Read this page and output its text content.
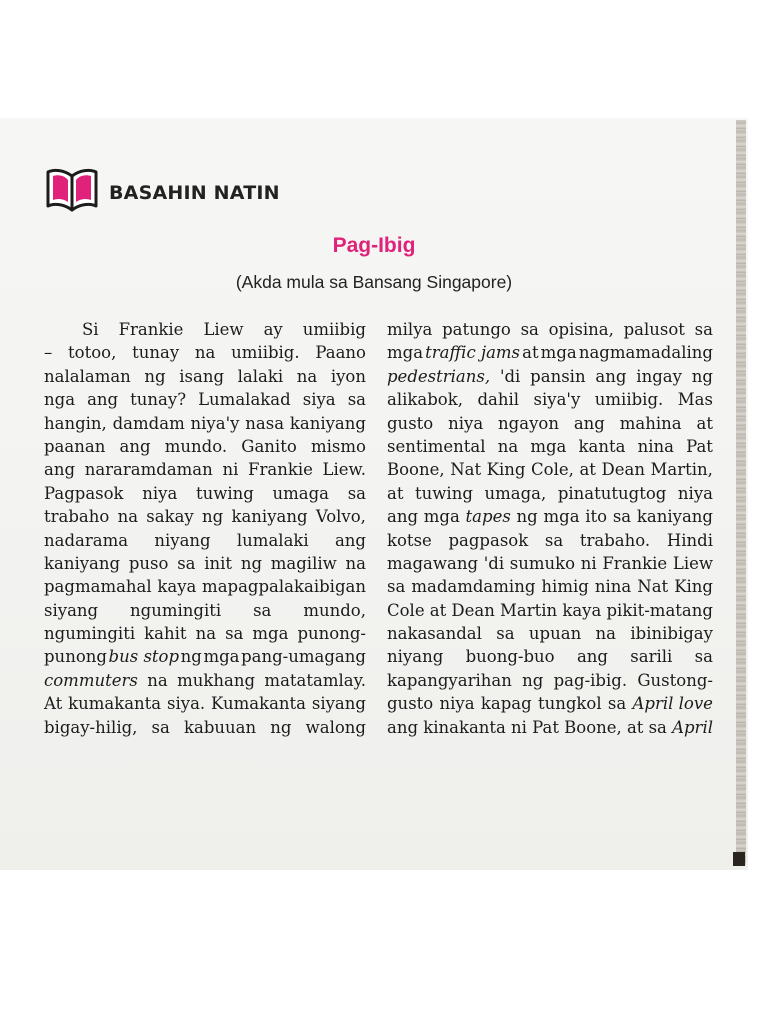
BASAHIN NATIN
Pag-Ibig

(Akda mula sa Bansang Singapore)

Si Frankie Liew ay umiibig
– totoo, tunay na umiibig. Paano
nalalaman ng isang lalaki na iyon
nga ang tunay? Lumalakad siya sa
hangin, damdam niya'y nasa kaniyang
paanan ang mundo. Ganito mismo
ang nararamdaman ni Frankie Liew.
Pagpasok niya tuwing umaga sa
trabaho na sakay ng kaniyang Volvo,
nadarama niyang lumalaki ang
kaniyang puso sa init ng magiliw na
pagmamahal kaya mapagpalakaibigan
siyang ngumingiti sa mundo,
ngumingiti kahit na sa mga punong-
punong bus stop ng mga pang-umagang
commuters na mukhang matatamlay.
At kumakanta siya. Kumakanta siyang
bigay-hilig, sa kabuuan ng walong
milya patungo sa opisina, palusot sa
mga traffic jams at mga nagmamadaling
pedestrians, 'di pansin ang ingay ng
alikabok, dahil siya'y umiibig. Mas
gusto niya ngayon ang mahina at
sentimental na mga kanta nina Pat
Boone, Nat King Cole, at Dean Martin,
at tuwing umaga, pinatutugtog niya
ang mga tapes ng mga ito sa kaniyang
kotse pagpasok sa trabaho. Hindi
magawang 'di sumuko ni Frankie Liew
sa madamdaming himig nina Nat King
Cole at Dean Martin kaya pikit-matang
nakasandal sa upuan na ibinibigay
niyang buong-buo ang sarili sa
kapangyarihan ng pag-ibig. Gustong-
gusto niya kapag tungkol sa April love
ang kinakanta ni Pat Boone, at sa April
